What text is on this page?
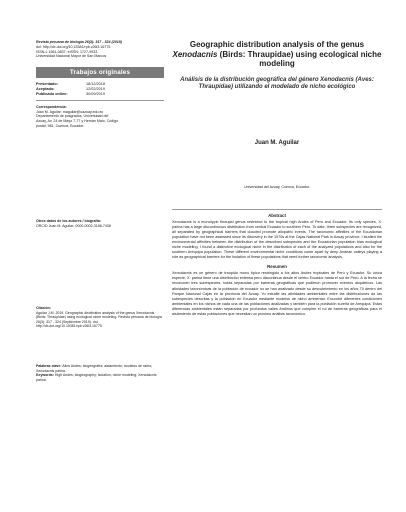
Revista peruana de biología 26(3): 317 - 324 (2019)
doi: http://dx.doi.org/10.15381/rpb.v26i3.16775
ISSN-L 1561-0837; eISSN: 1727-9933
Universidad Nacional Mayor de San Marcos
Trabajos originales
Presentado:	18/12/2018
Aceptado:	12/02/2019
Publicado online:	30/09/2019
Correspondencia:
Juan M. Aguilar: maguilar@uazuay.edu.ec
Departamento de posgrados, Universidad del
Azuay, Av. 24 de Mayo 7-77 y Hernán Malo, Código
postal: 981, Cuenca, Ecuador.
Otros datos de los autores / biografía:
ORCID Juan M. Aguilar: 0000-0002-3186-7438
Citación:
Aguilar J.M. 2019. Geographic distribution analysis of the genus Xenodacnis (Birds: Thraupidae) using ecological niche modeling. Revista peruana de biología 26(3): 317 - 324 (Septiembre 2019). doi: http://dx.doi.org/10.15381/rpb.v26i3.16775
Palabras clave: Altos Andes; biogeografía; aislamiento; modelos de nicho; Xenodacnis parina.
Keywords: High Andes; biogeography; isolation; niche modeling; Xenodacnis parina.
Geographic distribution analysis of the genus Xenodacnis (Birds: Thraupidae) using ecological niche modeling
Análisis de la distribución geográfica del género Xenodacnis (Aves: Thraupidae) utilizando el modelado de nicho ecológico
Juan M. Aguilar
Universidad del Azuay, Cuenca, Ecuador.
Abstract
Xenodacnis is a monotypic thraupid genus restricted to the tropical high Andes of Peru and Ecuador. Its only species, X. parina has a large discontinuous distribution from central Ecuador to southern Peru. To date, three subspecies are recognized, all separated by geographical barriers that clouded promote allopatric events. The taxonomic affinities of the Ecuadorian population have not been assessed since its discovery in the 1970s at the Cajas National Park in Azuay province. I studied the environmental affinities between the distribution of the described subspecies and the Ecuadorian population bias ecological niche modeling. I found a distinctive ecological niche in the distribution of each of the analyzed populations and also for the southern Arequipa population. These different environmental niche conditions come apart by deep Andean valleys playing a role as geographical barriers for the isolation of these populations that need further taxonomic analysis.
Resumen
Xenodacnis es un género de traupido mono típico restringido a los altos Andes tropicales de Perú y Ecuador. Su única especie, X. parina tiene una distribución extensa pero discontinua desde el centro Ecuador hasta el sur de Perú. A la fecha se reconocen tres subespecies, todas separadas por barreras geográficas que pudieron promover eventos alopátricos. Las afinidades taxonómicas de la población de ecuador no se han analizado desde su descubrimiento en los años 70 dentro del Parque Nacional Cajas en la provincia del Azuay. Yo estudié las afinidades ambientales entre las distribuciones de las subespecies descritas y la población en Ecuador mediante modelos de nicho ambiental. Encontré diferentes condiciones ambientales en los nichos de cada una de las poblaciones analizadas y también para la población sureña de Arequipa. Estas diferencias ambientales están separadas por profundos valles Andinos que cumplen el rol de barreras geográficas para el aislamiento de estas poblaciones que necesitan un próximo análisis taxonómico.
